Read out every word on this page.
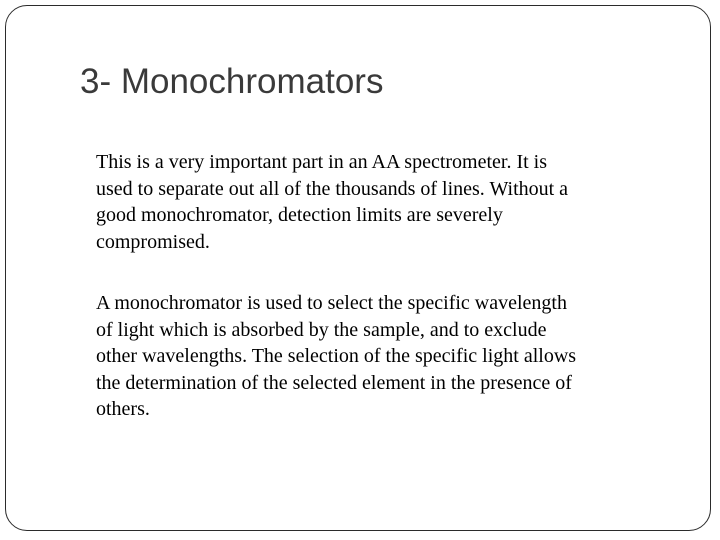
3- Monochromators

This is a very important part in an AA spectrometer. It is
used to separate out all of the thousands of lines. Without a
good monochromator, detection limits are severely
compromised.

A monochromator is used to select the specific wavelength
of light which is absorbed by the sample, and to exclude
other wavelengths. The selection of the specific light allows
the determination of the selected element in the presence of
others.
